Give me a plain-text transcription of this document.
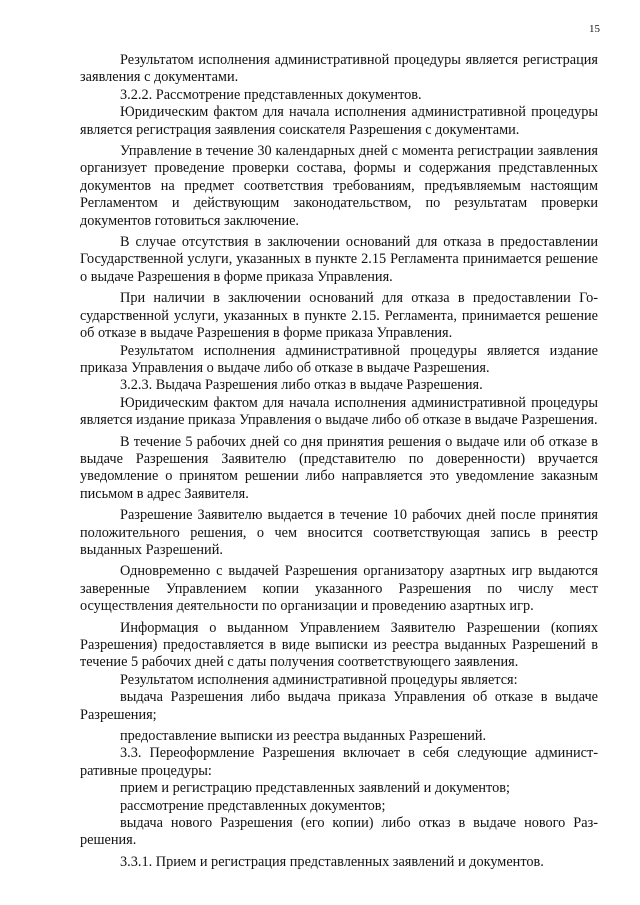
15

Результатом исполнения административной процедуры является регистрация заявления с документами.

3.2.2. Рассмотрение представленных документов.

Юридическим фактом для начала исполнения административной процедуры является регистрация заявления соискателя Разрешения с документами.

Управление в течение 30 календарных дней с момента регистрации заявления организует проведение проверки состава, формы и содержания представленных документов на предмет соответствия требованиям, предъявляемым настоящим Регламентом и действующим законодательством, по результатам проверки документов готовиться заключение.

В случае отсутствия в заключении оснований для отказа в предоставлении Государственной услуги, указанных в пункте 2.15 Регламента принимается решение о выдаче Разрешения в форме приказа Управления.

При наличии в заключении оснований для отказа в предоставлении Государственной услуги, указанных в пункте 2.15. Регламента, принимается решение об отказе в выдаче Разрешения в форме приказа Управления.

Результатом исполнения административной процедуры является издание приказа Управления о выдаче либо об отказе в выдаче Разрешения.

3.2.3. Выдача Разрешения либо отказ в выдаче Разрешения.

Юридическим фактом для начала исполнения административной процедуры является издание приказа Управления о выдаче либо об отказе в выдаче Разрешения.

В течение 5 рабочих дней со дня принятия решения о выдаче или об отказе в выдаче Разрешения Заявителю (представителю по доверенности) вручается уведомление о принятом решении либо направляется это уведомление заказным письмом в адрес Заявителя.

Разрешение Заявителю выдается в течение 10 рабочих дней после принятия положительного решения, о чем вносится соответствующая запись в реестр выданных Разрешений.

Одновременно с выдачей Разрешения организатору азартных игр выдаются заверенные Управлением копии указанного Разрешения по числу мест осуществления деятельности по организации и проведению азартных игр.

Информация о выданном Управлением Заявителю Разрешении (копиях Разрешения) предоставляется в виде выписки из реестра выданных Разрешений в течение 5 рабочих дней с даты получения соответствующего заявления.

Результатом исполнения административной процедуры является:

выдача Разрешения либо выдача приказа Управления об отказе в выдаче Разрешения;

предоставление выписки из реестра выданных Разрешений.

3.3. Переоформление Разрешения включает в себя следующие административные процедуры:

прием и регистрацию представленных заявлений и документов;

рассмотрение представленных документов;

выдача нового Разрешения (его копии) либо отказ в выдаче нового Разрешения.

3.3.1. Прием и регистрация представленных заявлений и документов.
